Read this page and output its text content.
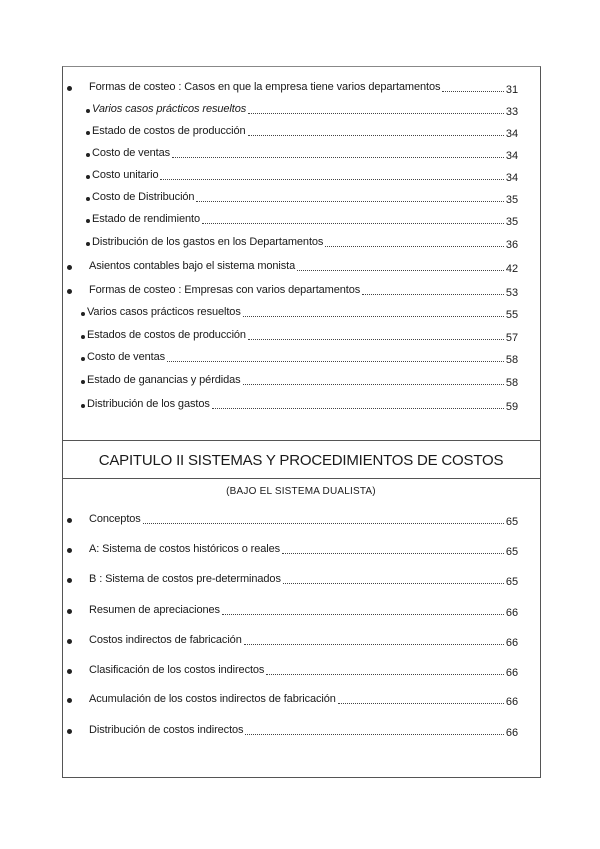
Formas de costeo : Casos en que la empresa tiene varios departamentos	31
Varios casos prácticos resueltos	33
Estado de costos de producción	34
Costo de ventas	34
Costo unitario	34
Costo de Distribución	35
Estado de rendimiento	35
Distribución de los gastos en los Departamentos	36
Asientos contables bajo el sistema monista	42
Formas de costeo : Empresas con varios departamentos	53
Varios casos prácticos resueltos	55
Estados de costos de producción	57
Costo de ventas	58
Estado de ganancias y pérdidas	58
Distribución de los gastos	59
CAPITULO II SISTEMAS Y PROCEDIMIENTOS DE COSTOS
(BAJO EL SISTEMA DUALISTA)
Conceptos	65
A: Sistema de costos históricos o reales	65
B : Sistema de costos pre-determinados	65
Resumen de apreciaciones	66
Costos indirectos de fabricación	66
Clasificación de los costos indirectos	66
Acumulación de los costos indirectos de fabricación	66
Distribución de costos indirectos	66
